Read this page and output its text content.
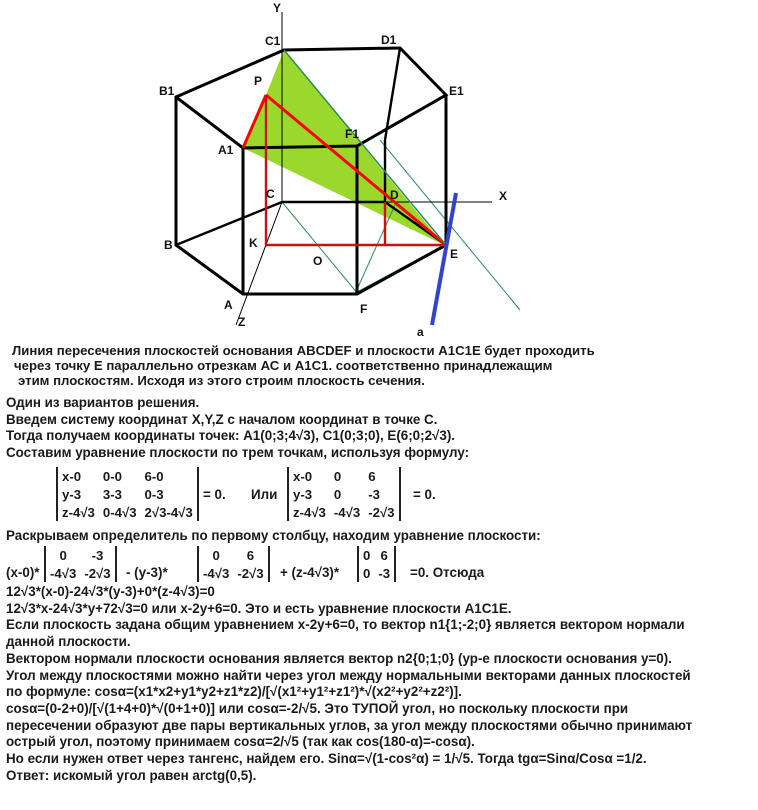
Y
C1	D1
B1	E1
P
F1
A1
C	D	X
B	K
E
O
A	F
Z
a
Линия пересечения плоскостей основания ABCDEF и плоскости A1C1E будет проходить
через точку Е параллельно отрезкам АС и A1C1. соответственно принадлежащим
этим плоскостям. Исходя из этого строим плоскость сечения.
Один из вариантов решения.
Введем систему координат X,Y,Z с началом координат в точке С.
Тогда получаем координаты точек: A1(0;3;4√3), C1(0;3;0), E(6;0;2√3).
Составим уравнение плоскости по трем точкам, используя формулу:
x-0	0-0	6-0
y-3	3-3	0-3
z-4√3	0-4√3	2√3-4√3
= 0. Или
x-0	0	6
y-3	0	-3
z-4√3	-4√3	-2√3
= 0.
Раскрываем определитель по первому столбцу, находим уравнение плоскости:
(x-0)*
0	-3
-4√3	-2√3 - (y-3)*
0	6
-4√3	-2√3 + (z-4√3)*
0	6
0	-3 =0. Отсюда
12√3*(x-0)-24√3*(y-3)+0*(z-4√3)=0
12√3*x-24√3*y+72√3=0 или x-2y+6=0. Это и есть уравнение плоскости A1C1E.
Если плоскость задана общим уравнением x-2y+6=0, то вектор n1{1;-2;0} является вектором нормали
данной плоскости.
Вектором нормали плоскости основания является вектор n2{0;1;0} (ур-е плоскости основания y=0).
Угол между плоскостями можно найти через угол между нормальными векторами данных плоскостей
по формуле: cosα=(x1*x2+y1*y2+z1*z2)/[√(x1²+y1²+z1²)*√(x2²+y2²+z2²)].
cosα=(0-2+0)/[√(1+4+0)*√(0+1+0)] или cosα=-2/√5. Это ТУПОЙ угол, но поскольку плоскости при
пересечении образуют две пары вертикальных углов, за угол между плоскостями обычно принимают
острый угол, поэтому принимаем cosα=2/√5 (так как cos(180-α)=-cosα).
Но если нужен ответ через тангенс, найдем его. Sinα=√(1-cos²α) = 1/√5. Тогда tgα=Sinα/Cosα =1/2.
Ответ: искомый угол равен arctg(0,5).
